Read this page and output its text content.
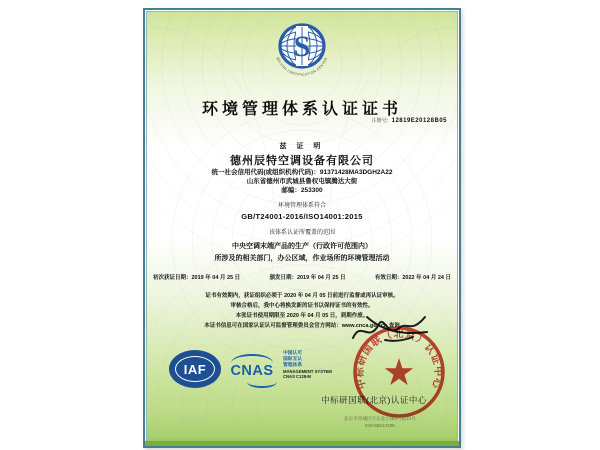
S
BEIJING CERTIFICATION CENTER
环境管理体系认证证书
注册号：12819E20128B05
兹 证 明
德州辰特空调设备有限公司
统一社会信用代码(或组织机构代码)：91371428MA3DGH2A22
山东省德州市武城县鲁权屯镇腾达大街
邮编：253300
环境管理体系符合
GB/T24001-2016/ISO14001:2015
该体系认证所覆盖的范围
中央空调末端产品的生产（行政许可范围内）
所涉及的相关部门，办公区域，作业场所的环境管理活动
初次获证日期：2019 年 04 月 25 日	颁发日期：2019 年 04 月 25 日	有效日期：2022 年 04 月 24 日
证书有效期内，获证组织必须于 2020 年 04 月 05 日前进行监督或再认证审核。
审核合格后，我中心将换发新的证书以保持证书的有效性。
本张证书使用期限至 2020 年 04 月 05 日，到期作废。
本证书信息可在国家认证认可监督管理委员会官方网站：www.cnca.gov.cn 查询
IAF CNAS
中国认可
国际互认
管理体系
MANAGEMENT SYSTEM
CNAS C128-M
中标研国联(北京)认证中心
中标研国联（北京）认证中心
北京市西城区月坛北小街4号院21号
010-68017408
